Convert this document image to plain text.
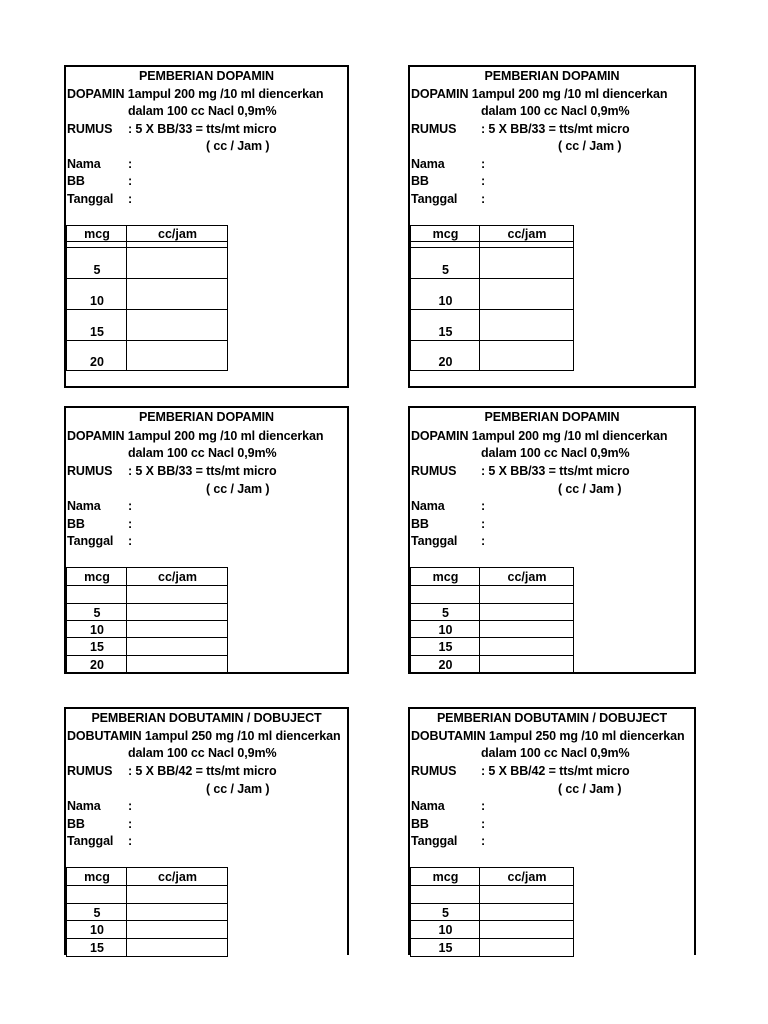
PEMBERIAN DOPAMIN
DOPAMIN 1ampul 200 mg /10 ml diencerkan
dalam 100 cc Nacl 0,9m%
RUMUS : 5 X BB/33 = tts/mt micro
( cc / Jam )
Nama :
BB	:
Tanggal :
mcg	cc/jam
5
10
15
20
PEMBERIAN DOPAMIN
DOPAMIN 1ampul 200 mg /10 ml diencerkan
dalam 100 cc Nacl 0,9m%
RUMUS : 5 X BB/33 = tts/mt micro
( cc / Jam )
Nama	:
BB	:
Tanggal :
mcg	cc/jam
5
10
15
20
PEMBERIAN DOPAMIN
DOPAMIN 1ampul 200 mg /10 ml diencerkan
dalam 100 cc Nacl 0,9m%
RUMUS : 5 X BB/33 = tts/mt micro
( cc / Jam )
Nama :
BB	:
Tanggal :
mcg	cc/jam
5
10
15
20
PEMBERIAN DOPAMIN
DOPAMIN 1ampul 200 mg /10 ml diencerkan
dalam 100 cc Nacl 0,9m%
RUMUS : 5 X BB/33 = tts/mt micro
( cc / Jam )
Nama	:
BB	:
Tanggal :
mcg	cc/jam
5
10
15
20
PEMBERIAN DOBUTAMIN / DOBUJECT
DOBUTAMIN 1ampul 250 mg /10 ml diencerkan
dalam 100 cc Nacl 0,9m%
RUMUS : 5 X BB/42 = tts/mt micro
( cc / Jam )
Nama :
BB	:
Tanggal :
mcg	cc/jam
5
10
15
PEMBERIAN DOBUTAMIN / DOBUJECT
DOBUTAMIN 1ampul 250 mg /10 ml diencerkan
dalam 100 cc Nacl 0,9m%
RUMUS : 5 X BB/42 = tts/mt micro
( cc / Jam )
Nama	:
BB	:
Tanggal :
mcg	cc/jam
5
10
15
